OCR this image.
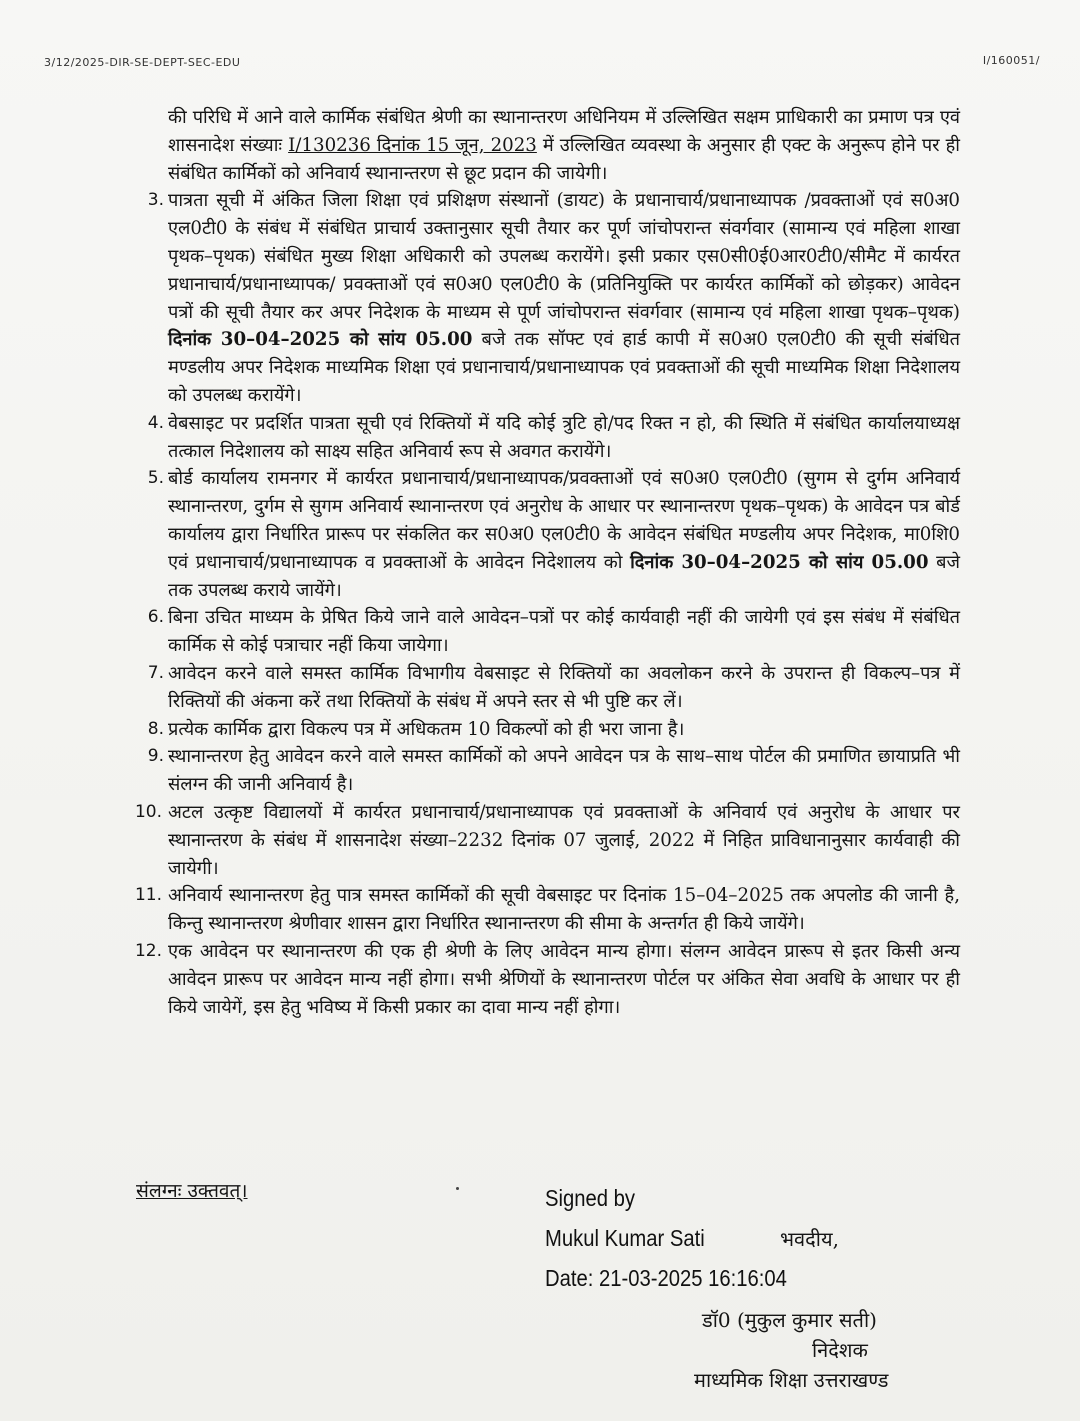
3/12/2025-DIR-SE-DEPT-SEC-EDU	I/160051/

की परिधि में आने वाले कार्मिक संबंधित श्रेणी का स्थानान्तरण अधिनियम में उल्लिखित सक्षम प्राधिकारी का प्रमाण पत्र एवं शासनादेश संख्याः I/130236 दिनांक 15 जून, 2023 में उल्लिखित व्यवस्था के अनुसार ही एक्ट के अनुरूप होने पर ही संबंधित कार्मिकों को अनिवार्य स्थानान्तरण से छूट प्रदान की जायेगी।

3. पात्रता सूची में अंकित जिला शिक्षा एवं प्रशिक्षण संस्थानों (डायट) के प्रधानाचार्य/प्रधानाध्यापक /प्रवक्ताओं एवं स0अ0 एल0टी0 के संबंध में संबंधित प्राचार्य उक्तानुसार सूची तैयार कर पूर्ण जांचोपरान्त संवर्गवार (सामान्य एवं महिला शाखा पृथक–पृथक) संबंधित मुख्य शिक्षा अधिकारी को उपलब्ध करायेंगे। इसी प्रकार एस0सी0ई0आर0टी0/सीमैट में कार्यरत प्रधानाचार्य/प्रधानाध्यापक/ प्रवक्ताओं एवं स0अ0 एल0टी0 के (प्रतिनियुक्ति पर कार्यरत कार्मिकों को छोड़कर) आवेदन पत्रों की सूची तैयार कर अपर निदेशक के माध्यम से पूर्ण जांचोपरान्त संवर्गवार (सामान्य एवं महिला शाखा पृथक–पृथक) दिनांक 30–04–2025 को सांय 05.00 बजे तक सॉफ्ट एवं हार्ड कापी में स0अ0 एल0टी0 की सूची संबंधित मण्डलीय अपर निदेशक माध्यमिक शिक्षा एवं प्रधानाचार्य/प्रधानाध्यापक एवं प्रवक्ताओं की सूची माध्यमिक शिक्षा निदेशालय को उपलब्ध करायेंगे।

4. वेबसाइट पर प्रदर्शित पात्रता सूची एवं रिक्तियों में यदि कोई त्रुटि हो/पद रिक्त न हो, की स्थिति में संबंधित कार्यालयाध्यक्ष तत्काल निदेशालय को साक्ष्य सहित अनिवार्य रूप से अवगत करायेंगे।

5. बोर्ड कार्यालय रामनगर में कार्यरत प्रधानाचार्य/प्रधानाध्यापक/प्रवक्ताओं एवं स0अ0 एल0टी0 (सुगम से दुर्गम अनिवार्य स्थानान्तरण, दुर्गम से सुगम अनिवार्य स्थानान्तरण एवं अनुरोध के आधार पर स्थानान्तरण पृथक–पृथक) के आवेदन पत्र बोर्ड कार्यालय द्वारा निर्धारित प्रारूप पर संकलित कर स0अ0 एल0टी0 के आवेदन संबंधित मण्डलीय अपर निदेशक, मा0शि0 एवं प्रधानाचार्य/प्रधानाध्यापक व प्रवक्ताओं के आवेदन निदेशालय को दिनांक 30–04–2025 को सांय 05.00 बजे तक उपलब्ध कराये जायेंगे।

6. बिना उचित माध्यम के प्रेषित किये जाने वाले आवेदन–पत्रों पर कोई कार्यवाही नहीं की जायेगी एवं इस संबंध में संबंधित कार्मिक से कोई पत्राचार नहीं किया जायेगा।

7. आवेदन करने वाले समस्त कार्मिक विभागीय वेबसाइट से रिक्तियों का अवलोकन करने के उपरान्त ही विकल्प–पत्र में रिक्तियों की अंकना करें तथा रिक्तियों के संबंध में अपने स्तर से भी पुष्टि कर लें।

8. प्रत्येक कार्मिक द्वारा विकल्प पत्र में अधिकतम 10 विकल्पों को ही भरा जाना है।

9. स्थानान्तरण हेतु आवेदन करने वाले समस्त कार्मिकों को अपने आवेदन पत्र के साथ–साथ पोर्टल की प्रमाणित छायाप्रति भी संलग्न की जानी अनिवार्य है।

10. अटल उत्कृष्ट विद्यालयों में कार्यरत प्रधानाचार्य/प्रधानाध्यापक एवं प्रवक्ताओं के अनिवार्य एवं अनुरोध के आधार पर स्थानान्तरण के संबंध में शासनादेश संख्या–2232 दिनांक 07 जुलाई, 2022 में निहित प्राविधानानुसार कार्यवाही की जायेगी।

11. अनिवार्य स्थानान्तरण हेतु पात्र समस्त कार्मिकों की सूची वेबसाइट पर दिनांक 15–04–2025 तक अपलोड की जानी है, किन्तु स्थानान्तरण श्रेणीवार शासन द्वारा निर्धारित स्थानान्तरण की सीमा के अन्तर्गत ही किये जायेंगे।

12. एक आवेदन पर स्थानान्तरण की एक ही श्रेणी के लिए आवेदन मान्य होगा। संलग्न आवेदन प्रारूप से इतर किसी अन्य आवेदन प्रारूप पर आवेदन मान्य नहीं होगा। सभी श्रेणियों के स्थानान्तरण पोर्टल पर अंकित सेवा अवधि के आधार पर ही किये जायेगें, इस हेतु भविष्य में किसी प्रकार का दावा मान्य नहीं होगा।

संलग्नः उक्तवत्।	Signed by
Mukul Kumar Sati
Date: 21-03-2025 16:16:04
भवदीय,
डॉ0 (मुकुल कुमार सती)
निदेशक
माध्यमिक शिक्षा उत्तराखण्ड
